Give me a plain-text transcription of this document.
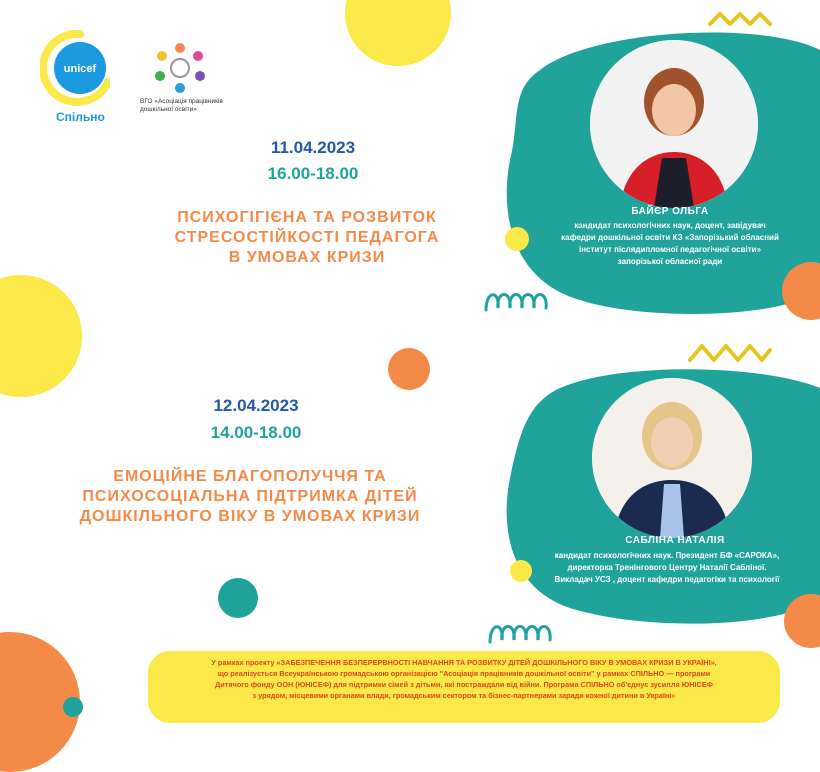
unicef
Спільно
ВГО «Асоціація працівників дошкільної освіти»
11.04.2023
16.00-18.00
ПСИХОГІГІЄНА ТА РОЗВИТОК
СТРЕСОСТІЙКОСТІ ПЕДАГОГА
В УМОВАХ КРИЗИ
БАЙЄР ОЛЬГА
кандидат психологічних наук, доцент, завідувач
кафедри дошкільної освіти КЗ «Запорізький обласний
інститут післядипломної педагогічної освіти»
запорізької обласної ради
12.04.2023
14.00-18.00
ЕМОЦІЙНЕ БЛАГОПОЛУЧЧЯ ТА
ПСИХОСОЦІАЛЬНА ПІДТРИМКА ДІТЕЙ
ДОШКІЛЬНОГО ВІКУ В УМОВАХ КРИЗИ
САБЛІНА НАТАЛІЯ
кандидат психологічних наук. Президент БФ «САРОКА»,
директорка Тренінгового Центру Наталії Сабліної.
Викладач УСЗ , доцент кафедри педагогіки та психології
У рамках проекту «ЗАБЕЗПЕЧЕННЯ БЕЗПЕРЕРВНОСТІ НАВЧАННЯ ТА РОЗВИТКУ ДІТЕЙ ДОШКІЛЬНОГО ВІКУ В УМОВАХ КРИЗИ В УКРАЇНІ»,
що реалізується Всеукраїнською громадською організацією "Асоціація працівників дошкільної освіти" у рамках СПІЛЬНО — програми
Дитячого фонду ООН (ЮНІСЕФ) для підтримки сімей з дітьми, які постраждали від війни. Програма СПІЛЬНО об'єднує зусилля ЮНІСЕФ
з урядом, місцевими органами влади, громадським сектором та бізнес-партнерами заради кожної дитини в Україні»
